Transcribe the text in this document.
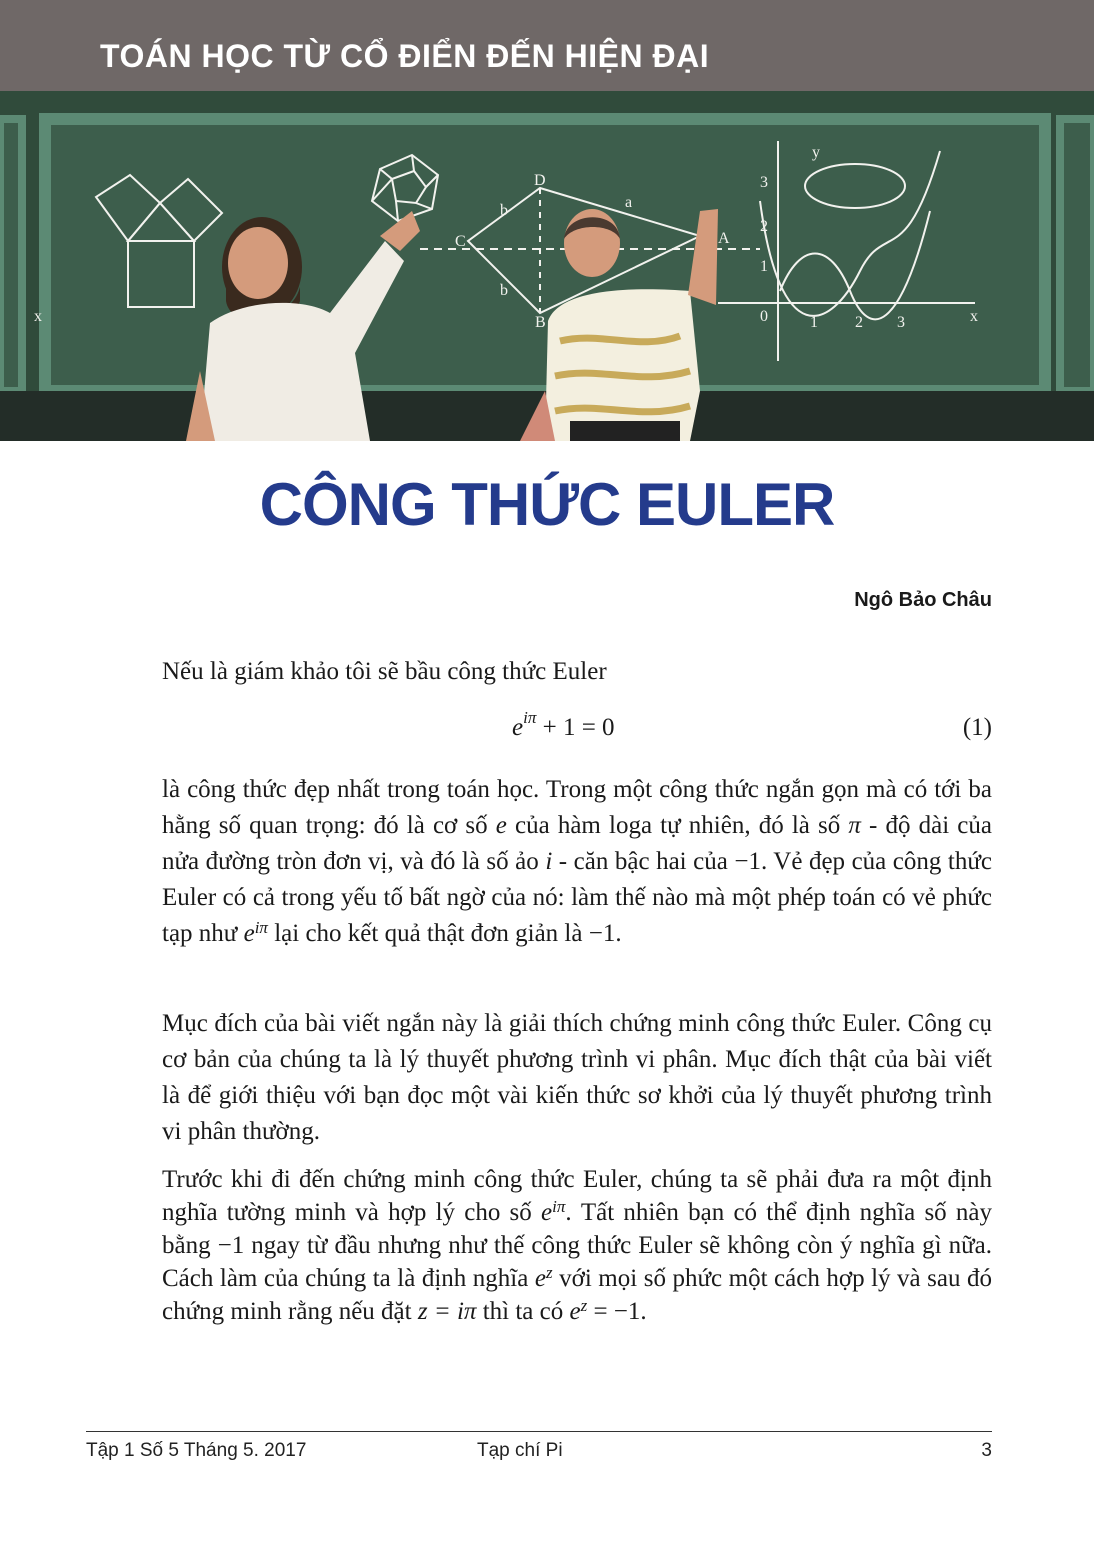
TOÁN HỌC TỪ CỔ ĐIỂN ĐẾN HIỆN ĐẠI
D
C	A
B
a
b
b
x	x
y
3
2
1
0	1 2 3
CÔNG THỨC EULER
Ngô Bảo Châu
Nếu là giám khảo tôi sẽ bầu công thức Euler
$e^{i\pi} + 1 = 0$	(1)
là công thức đẹp nhất trong toán học. Trong một công thức ngắn gọn mà có tới ba hằng số quan trọng: đó là cơ số e của hàm loga tự nhiên, đó là số π - độ dài của nửa đường tròn đơn vị, và đó là số ảo i - căn bậc hai của −1. Vẻ đẹp của công thức Euler có cả trong yếu tố bất ngờ của nó: làm thế nào mà một phép toán có vẻ phức tạp như $e^{i\pi}$ lại cho kết quả thật đơn giản là −1.
Mục đích của bài viết ngắn này là giải thích chứng minh công thức Euler. Công cụ cơ bản của chúng ta là lý thuyết phương trình vi phân. Mục đích thật của bài viết là để giới thiệu với bạn đọc một vài kiến thức sơ khởi của lý thuyết phương trình vi phân thường.
Trước khi đi đến chứng minh công thức Euler, chúng ta sẽ phải đưa ra một định nghĩa tường minh và hợp lý cho số $e^{i\pi}$. Tất nhiên bạn có thể định nghĩa số này bằng −1 ngay từ đầu nhưng như thế công thức Euler sẽ không còn ý nghĩa gì nữa. Cách làm của chúng ta là định nghĩa $e^z$ với mọi số phức một cách hợp lý và sau đó chứng minh rằng nếu đặt z = iπ thì ta có $e^z = -1$.
Tập 1 Số 5 Tháng 5. 2017	Tạp chí Pi	3
